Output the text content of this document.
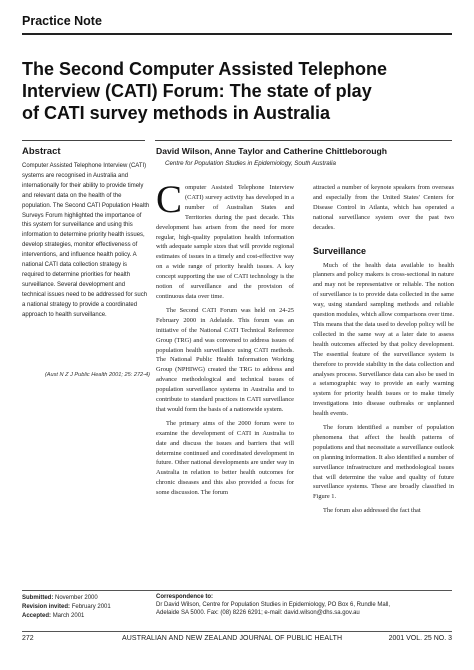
Practice Note
The Second Computer Assisted Telephone
Interview (CATI) Forum: The state of play
of CATI survey methods in Australia
Abstract
Computer Assisted Telephone Interview (CATI) systems are recognised in Australia and internationally for their ability to provide timely and relevant data on the health of the population. The Second CATI Population Health Surveys Forum highlighted the importance of this system for surveillance and using this information to determine priority health issues, develop strategies, monitor effectiveness of interventions, and influence health policy. A national CATI data collection strategy is required to determine priorities for health surveillance. Several development and technical issues need to be addressed for such a national strategy to provide a coordinated approach to health surveillance.
(Aust N Z J Public Health 2001; 25: 272-4)
David Wilson, Anne Taylor and Catherine Chittleborough
Centre for Population Studies in Epidemiology, South Australia

Computer Assisted Telephone Interview (CATI) survey activity has developed in a number of Australian States and Territories during the past decade. This development has arisen from the need for more regular, high-quality population health information with adequate sample sizes that will provide regional estimates of issues in a timely and cost-effective way on a wide range of priority health issues. A key concept supporting the use of CATI technology is the notion of surveillance and the provision of continuous data over time.

The Second CATI Forum was held on 24-25 February 2000 in Adelaide. This forum was an initiative of the National CATI Technical Reference Group (TRG) and was convened to address issues of population health surveillance using CATI methods. The National Public Health Information Working Group (NPHIWG) created the TRG to address and advance methodological and technical issues of population surveillance systems in Australia and to contribute to standard practices in CATI surveillance that would form the basis of a nationwide system.

The primary aims of the 2000 forum were to examine the development of CATI in Australia to date and discuss the issues and barriers that will determine continued and coordinated development in future. Other national developments are under way in Australia in relation to better health outcomes for chronic diseases and this also provided a focus for some discussion. The forum

attracted a number of keynote speakers from overseas and especially from the United States' Centers for Disease Control in Atlanta, which has operated a national surveillance system over the past two decades.

Surveillance

Much of the health data available to health planners and policy makers is cross-sectional in nature and may not be representative or reliable. The notion of surveillance is to provide data collected in the same way, using standard sampling methods and reliable question modules, which allow comparisons over time. This means that the data used to develop policy will be collected in the same way at a later date to assess health outcomes affected by that policy development. The essential feature of the surveillance system is therefore to provide stability in the data collection and analyses process. Surveillance data can also be used in a seismographic way to provide an early warning system for priority health issues or to make timely investigations into disease outbreaks or unplanned health events.

The forum identified a number of population phenomena that affect the health patterns of populations and that necessitate a surveillance outlook on planning information. It also identified a number of surveillance infrastructure and methodological issues that will determine the value and quality of future surveillance systems. These are broadly classified in Figure 1.

The forum also addressed the fact that

Submitted: November 2000
Revision invited: February 2001
Accepted: March 2001
Correspondence to:
Dr David Wilson, Centre for Population Studies in Epidemiology, PO Box 6, Rundle Mall,
Adelaide SA 5000. Fax: (08) 8226 6291; e-mail: david.wilson@dhs.sa.gov.au
272	AUSTRALIAN AND NEW ZEALAND JOURNAL OF PUBLIC HEALTH	2001 VOL. 25 NO. 3
